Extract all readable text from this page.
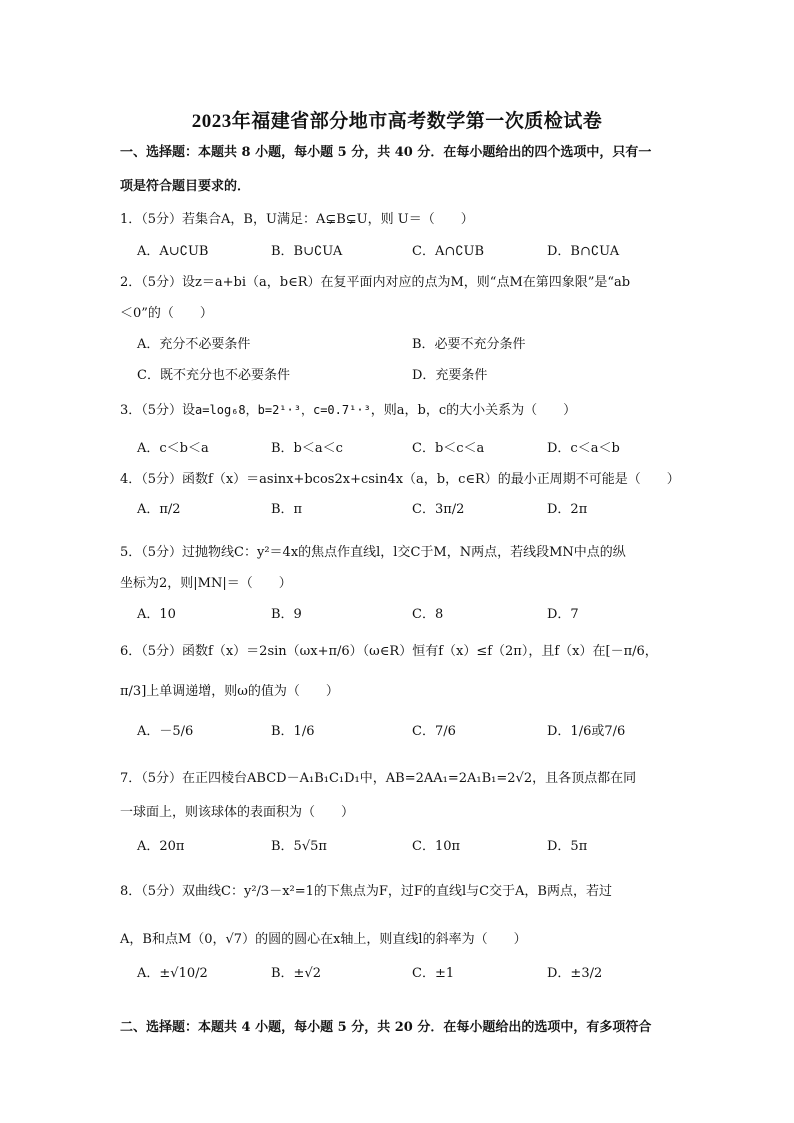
2023年福建省部分地市高考数学第一次质检试卷
一、选择题：本题共 8 小题，每小题 5 分，共 40 分．在每小题给出的四个选项中，只有一
项是符合题目要求的．
1．（5分）若集合A，B，U满足：A⊊B⊊U，则 U＝（　　）
A．A∪∁UB	B．B∪∁UA	C．A∩∁UB	D．B∩∁UA
2．（5分）设z＝a+bi（a，b∈R）在复平面内对应的点为M，则“点M在第四象限”是“ab
＜0”的（　　）
A．充分不必要条件	B．必要不充分条件
C．既不充分也不必要条件	D．充要条件
3．（5分）设a=log₆8，b=2¹·³，c=0.7¹·³，则a，b，c的大小关系为（　　）
A．c＜b＜a	B．b＜a＜c	C．b＜c＜a	D．c＜a＜b
4．（5分）函数f（x）＝asinx+bcos2x+csin4x（a，b，c∈R）的最小正周期不可能是（　　）
A．π/2	B．π	C．3π/2	D．2π
5．（5分）过抛物线C：y²＝4x的焦点作直线l，l交C于M，N两点，若线段MN中点的纵
坐标为2，则|MN|＝（　　）
A．10	B．9	C．8	D．7
6．（5分）函数f（x）＝2sin（ωx+π/6）（ω∈R）恒有f（x）≤f（2π），且f（x）在[－π/6，
π/3]上单调递增，则ω的值为（　　）
A．－5/6	B．1/6	C．7/6	D．1/6或7/6
7．（5分）在正四棱台ABCD－A₁B₁C₁D₁中，AB=2AA₁=2A₁B₁=2√2，且各顶点都在同
一球面上，则该球体的表面积为（　　）
A．20π	B．5√5π	C．10π	D．5π
8．（5分）双曲线C：y²/3－x²=1的下焦点为F，过F的直线l与C交于A，B两点，若过
A，B和点M（0，√7）的圆的圆心在x轴上，则直线l的斜率为（　　）
A．±√10/2	B．±√2	C．±1	D．±3/2
二、选择题：本题共 4 小题，每小题 5 分，共 20 分．在每小题给出的选项中，有多项符合
